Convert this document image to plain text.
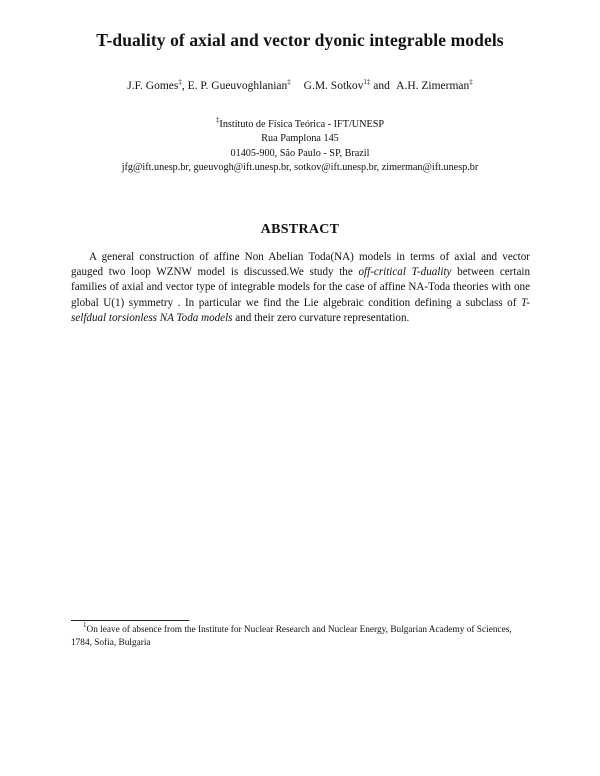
T-duality of axial and vector dyonic integrable models
J.F. Gomes‡, E. P. Gueuvoghlanian‡ G.M. Sotkov$^{1\ddagger}$ and A.H. Zimerman‡
‡Instituto de Física Teórica - IFT/UNESP
Rua Pamplona 145
01405-900, São Paulo - SP, Brazil
jfg@ift.unesp.br, gueuvogh@ift.unesp.br, sotkov@ift.unesp.br, zimerman@ift.unesp.br
ABSTRACT
A general construction of affine Non Abelian Toda(NA) models in terms of axial and vector gauged two loop WZNW model is discussed.We study the off-critical T-duality between certain families of axial and vector type of integrable models for the case of affine NA-Toda theories with one global U(1) symmetry . In particular we find the Lie algebraic condition defining a subclass of T-selfdual torsionless NA Toda models and their zero curvature representation.
$^1$On leave of absence from the Institute for Nuclear Research and Nuclear Energy, Bulgarian Academy of Sciences, 1784, Sofia, Bulgaria
